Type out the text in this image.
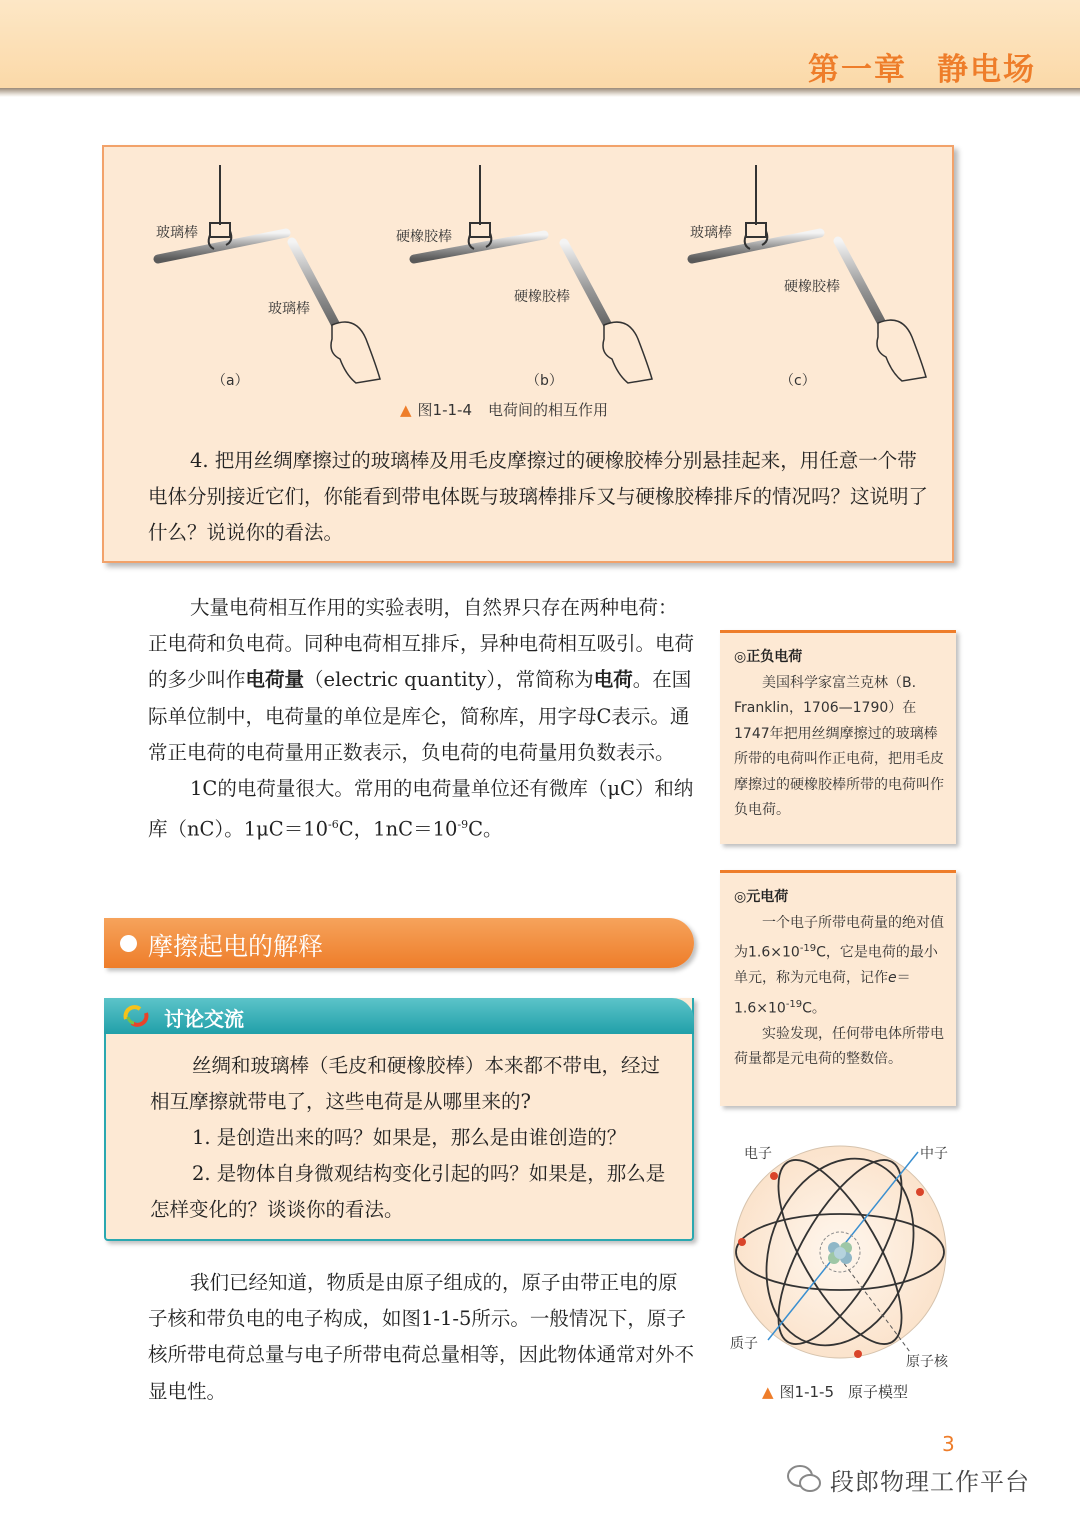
第一章 静电场
玻璃棒
玻璃棒
（a）
硬橡胶棒
硬橡胶棒
（b）
玻璃棒
硬橡胶棒
（c）
▲ 图1-1-4 电荷间的相互作用

4. 把用丝绸摩擦过的玻璃棒及用毛皮摩擦过的硬橡胶棒分别悬挂起来，用任意一个带电体分别接近它们，你能看到带电体既与玻璃棒排斥又与硬橡胶棒排斥的情况吗？这说明了什么？说说你的看法。

大量电荷相互作用的实验表明，自然界只存在两种电荷：正电荷和负电荷。同种电荷相互排斥，异种电荷相互吸引。电荷的多少叫作电荷量（electric quantity），常简称为电荷。在国际单位制中，电荷量的单位是库仑，简称库，用字母C表示。通常正电荷的电荷量用正数表示，负电荷的电荷量用负数表示。

1C的电荷量很大。常用的电荷量单位还有微库（μC）和纳库（nC）。$1\mu C=10^{-6}C$，$1nC=10^{-9}C$。

◎正负电荷

美国科学家富兰克林（B. Franklin，1706—1790）在1747年把用丝绸摩擦过的玻璃棒所带的电荷叫作正电荷，把用毛皮摩擦过的硬橡胶棒所带的电荷叫作负电荷。

◎元电荷

一个电子所带电荷量的绝对值为$1.6\times 10^{-19}C$，它是电荷的最小单元，称为元电荷，记作$e=1.6\times 10^{-19}C$。

实验发现，任何带电体所带电荷量都是元电荷的整数倍。

摩擦起电的解释
讨论交流

丝绸和玻璃棒（毛皮和硬橡胶棒）本来都不带电，经过相互摩擦就带电了，这些电荷是从哪里来的?

1. 是创造出来的吗？如果是，那么是由谁创造的？

2. 是物体自身微观结构变化引起的吗？如果是，那么是怎样变化的？谈谈你的看法。

我们已经知道，物质是由原子组成的，原子由带正电的原子核和带负电的电子构成，如图1-1-5所示。一般情况下，原子核所带电荷总量与电子所带电荷总量相等，因此物体通常对外不显电性。

电子	中子
质子
原子核
▲ 图1-1-5 原子模型
3
段郎物理工作平台
